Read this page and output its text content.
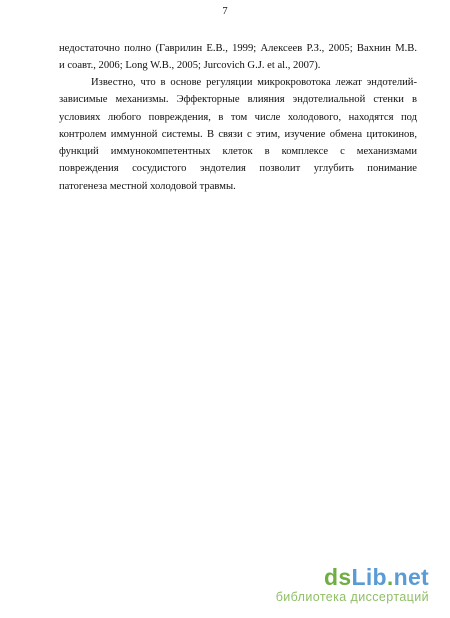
7
недостаточно полно (Гаврилин Е.В., 1999; Алексеев Р.З., 2005; Вахнин М.В.
и соавт., 2006; Long W.B., 2005; Jurcovich G.J. et al., 2007).
Известно, что в основе регуляции микрокровотока лежат эндотелий-
зависимые механизмы. Эффекторные влияния эндотелиальной стенки в
условиях любого повреждения, в том числе холодового, находятся под
контролем иммунной системы. В связи с этим, изучение обмена цитокинов,
функций иммунокомпетентных клеток в комплексе с механизмами
повреждения сосудистого эндотелия позволит углубить понимание
патогенеза местной холодовой травмы.
dsLib.net
библиотека диссертаций
